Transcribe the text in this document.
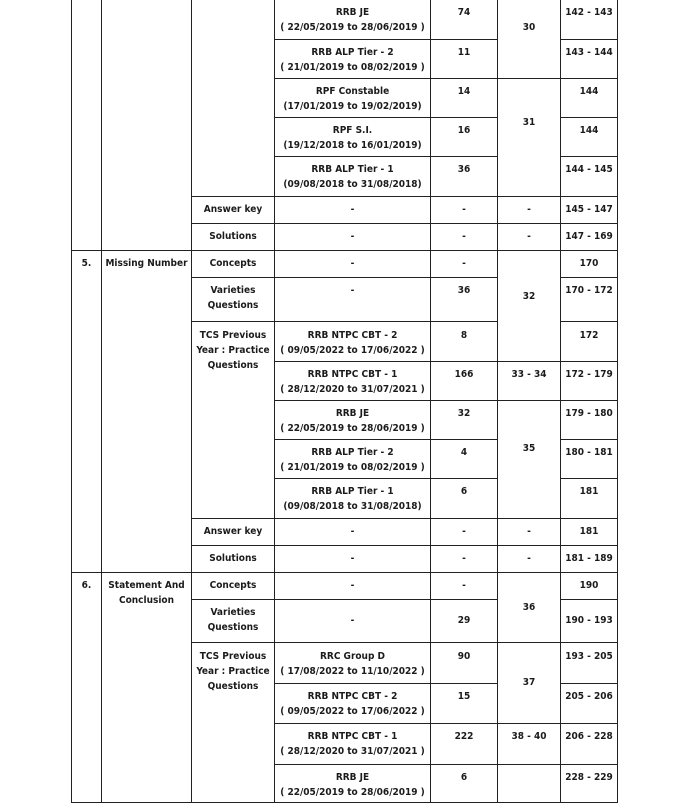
			RRB JE
( 22/05/2019 to 28/06/2019 )	74	30	142 - 143

			RRB ALP Tier - 2
( 21/01/2019 to 08/02/2019 )	11		143 - 144

			RPF Constable
(17/01/2019 to 19/02/2019)	14	31	144

			RPF S.I.
(19/12/2018 to 16/01/2019)	16		144

			RRB ALP Tier - 1
(09/08/2018 to 31/08/2018)	36		144 - 145

		Answer key	-	-	-	145 - 147
		Solutions	-	-	-	147 - 169

5.	Missing Number	Concepts	-	-	32	170

		Varieties
Questions	-	36		170 - 172

		TCS Previous
Year : Practice
Questions	RRB NTPC CBT - 2
( 09/05/2022 to 17/06/2022 )	8		172

			RRB NTPC CBT - 1
( 28/12/2020 to 31/07/2021 )	166	33 - 34	172 - 179

			RRB JE
( 22/05/2019 to 28/06/2019 )	32	35	179 - 180

			RRB ALP Tier - 2
( 21/01/2019 to 08/02/2019 )	4		180 - 181

			RRB ALP Tier - 1
(09/08/2018 to 31/08/2018)	6		181

		Answer key	-	-	-	181
		Solutions	-	-	-	181 - 189

6.	Statement And
Conclusion	Concepts	-	-	36	190

		Varieties
Questions	-	29		190 - 193

		TCS Previous
Year : Practice
Questions	RRC Group D
( 17/08/2022 to 11/10/2022 )	90	37	193 - 205

			RRB NTPC CBT - 2
( 09/05/2022 to 17/06/2022 )	15		205 - 206

			RRB NTPC CBT - 1
( 28/12/2020 to 31/07/2021 )	222	38 - 40	206 - 228

			RRB JE
( 22/05/2019 to 28/06/2019 )	6		228 - 229
